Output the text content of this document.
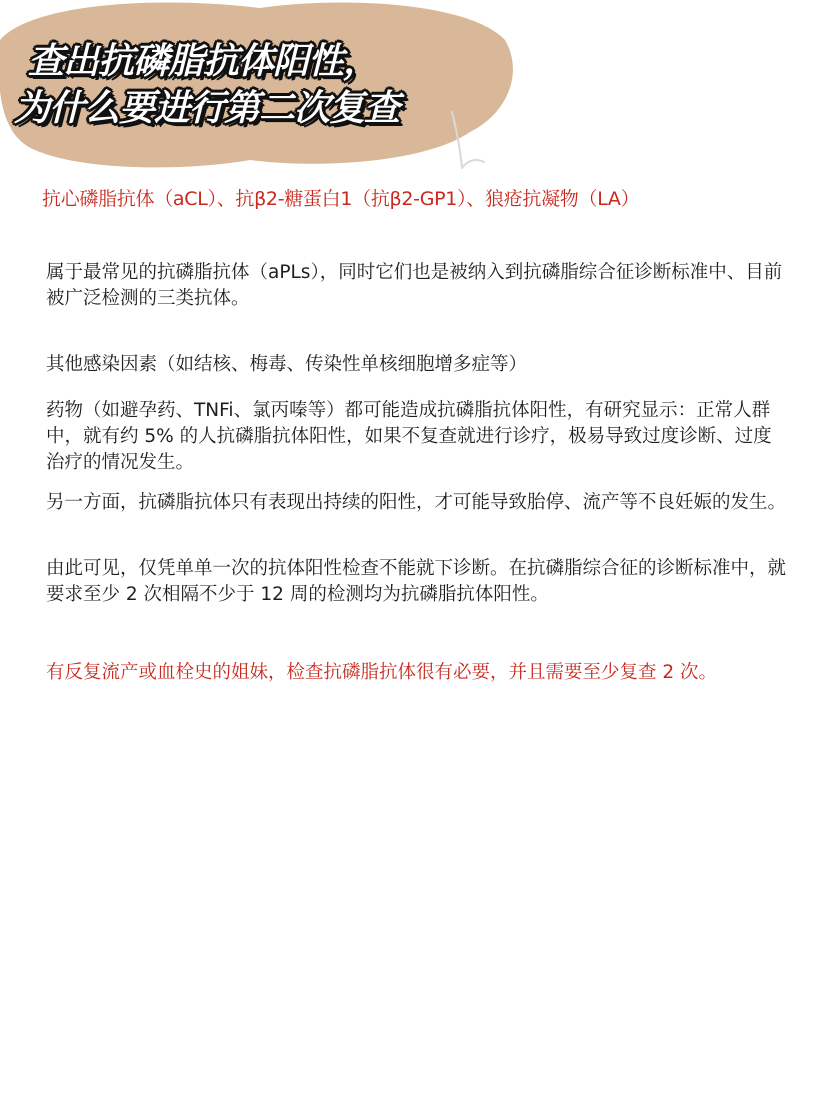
查出抗磷脂抗体阳性，
为什么要进行第二次复查

抗心磷脂抗体（aCL）、抗β2-糖蛋白1（抗β2-GP1）、狼疮抗凝物（LA）

属于最常见的抗磷脂抗体（aPLs），同时它们也是被纳入到抗磷脂综合征诊断标准中、目前被广泛检测的三类抗体。

其他感染因素（如结核、梅毒、传染性单核细胞增多症等）

药物（如避孕药、TNFi、氯丙嗪等）都可能造成抗磷脂抗体阳性，有研究显示：正常人群中，就有约 5% 的人抗磷脂抗体阳性，如果不复查就进行诊疗，极易导致过度诊断、过度治疗的情况发生。

另一方面，抗磷脂抗体只有表现出持续的阳性，才可能导致胎停、流产等不良妊娠的发生。

由此可见，仅凭单单一次的抗体阳性检查不能就下诊断。在抗磷脂综合征的诊断标准中，就要求至少 2 次相隔不少于 12 周的检测均为抗磷脂抗体阳性。

有反复流产或血栓史的姐妹，检查抗磷脂抗体很有必要，并且需要至少复查 2 次。
